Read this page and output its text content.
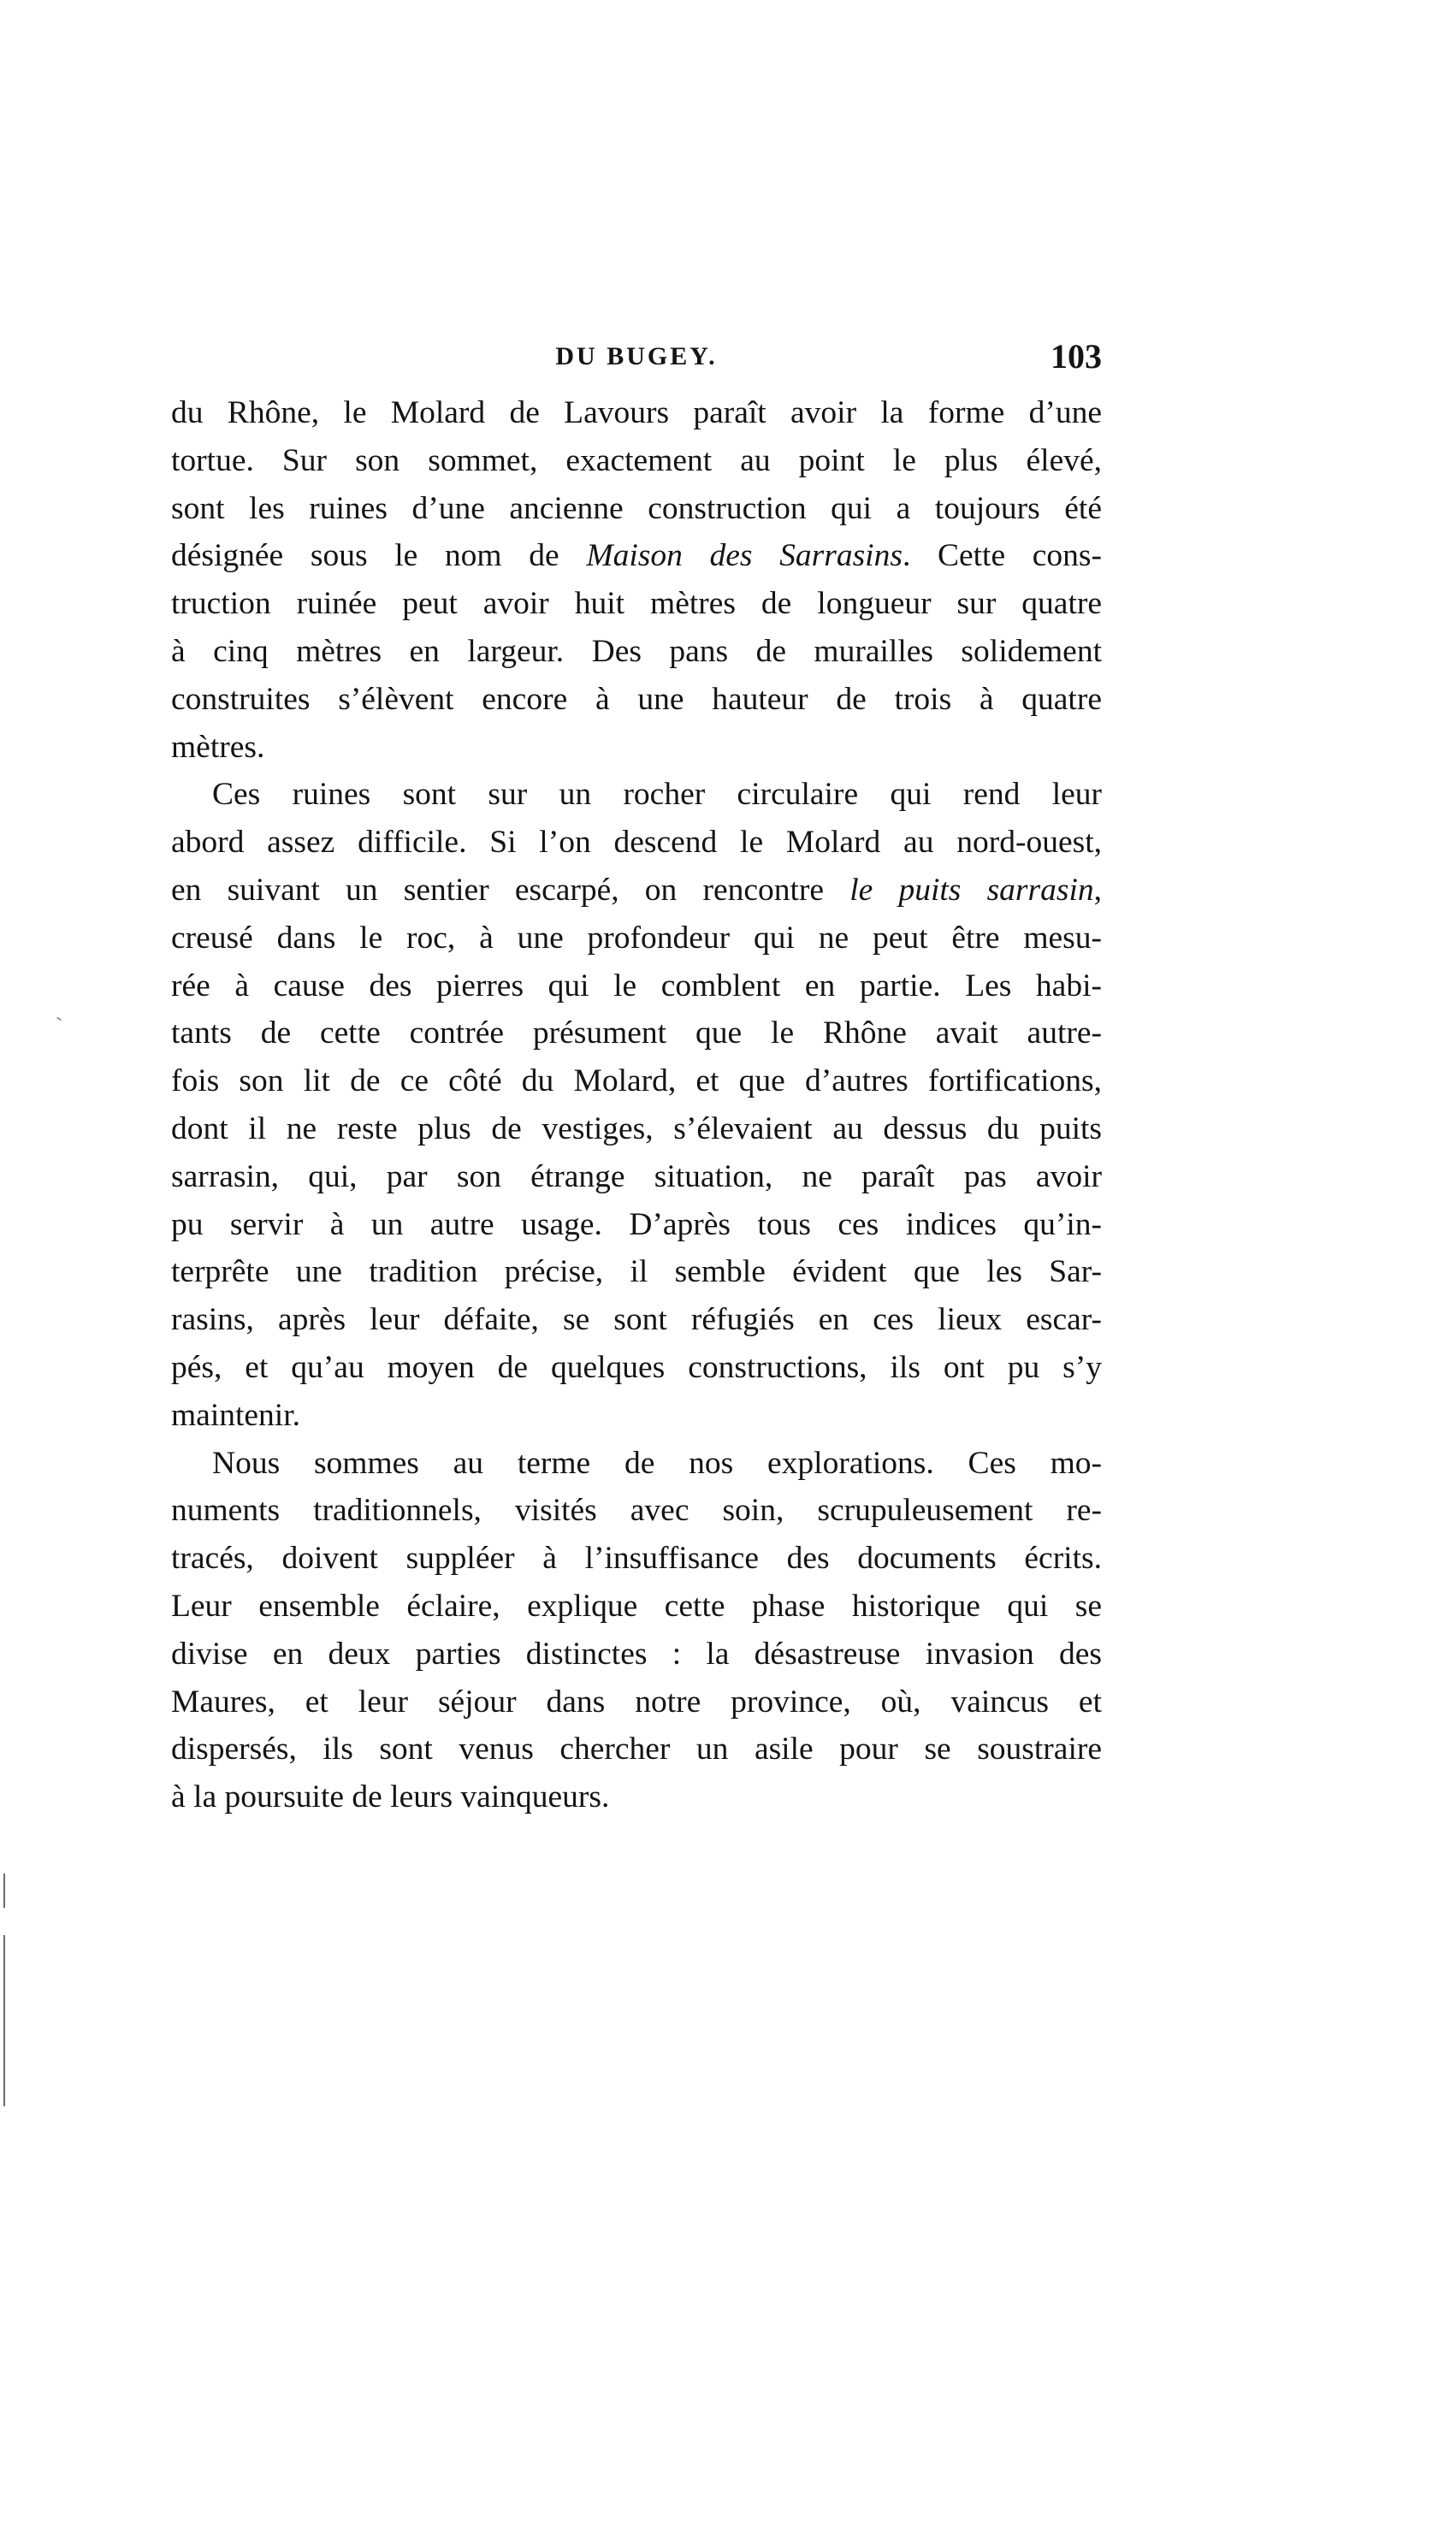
DU BUGEY.	103
du Rhône, le Molard de Lavours paraît avoir la forme d’une
tortue. Sur son sommet, exactement au point le plus élevé,
sont les ruines d’une ancienne construction qui a toujours été
désignée sous le nom de Maison des Sarrasins. Cette cons-
truction ruinée peut avoir huit mètres de longueur sur quatre
à cinq mètres en largeur. Des pans de murailles solidement
construites s’élèvent encore à une hauteur de trois à quatre
mètres.
Ces ruines sont sur un rocher circulaire qui rend leur
abord assez difficile. Si l’on descend le Molard au nord-ouest,
en suivant un sentier escarpé, on rencontre le puits sarrasin,
creusé dans le roc, à une profondeur qui ne peut être mesu-
rée à cause des pierres qui le comblent en partie. Les habi-
tants de cette contrée présument que le Rhône avait autre-
fois son lit de ce côté du Molard, et que d’autres fortifications,
dont il ne reste plus de vestiges, s’élevaient au dessus du puits
sarrasin, qui, par son étrange situation, ne paraît pas avoir
pu servir à un autre usage. D’après tous ces indices qu’in-
terprête une tradition précise, il semble évident que les Sar-
rasins, après leur défaite, se sont réfugiés en ces lieux escar-
pés, et qu’au moyen de quelques constructions, ils ont pu s’y
maintenir.
Nous sommes au terme de nos explorations. Ces mo-
numents traditionnels, visités avec soin, scrupuleusement re-
tracés, doivent suppléer à l’insuffisance des documents écrits.
Leur ensemble éclaire, explique cette phase historique qui se
divise en deux parties distinctes : la désastreuse invasion des
Maures, et leur séjour dans notre province, où, vaincus et
dispersés, ils sont venus chercher un asile pour se soustraire
à la poursuite de leurs vainqueurs.
